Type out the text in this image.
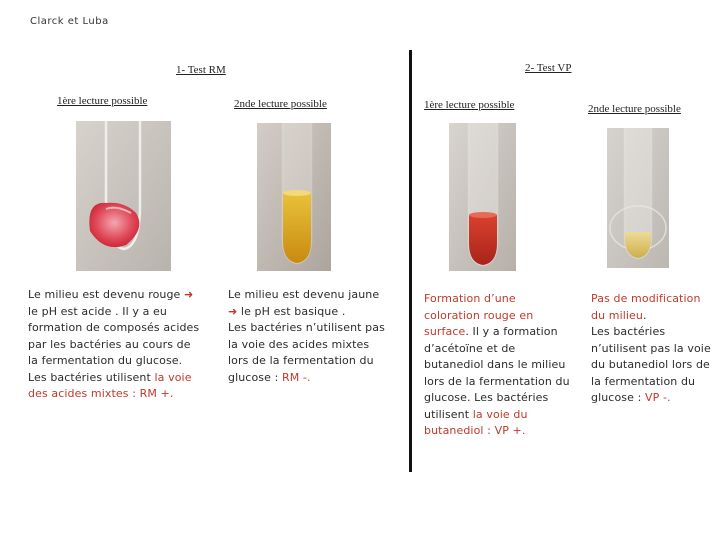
Clarck et Luba
1- Test RM	2- Test VP
1ère lecture possible	2nde lecture possible	1ère lecture possible	2nde lecture possible
Le milieu est devenu rouge ➜ le pH est acide . Il y a eu formation de composés acides par les bactéries au cours de la fermentation du glucose.
Les bactéries utilisent la voie des acides mixtes : RM +.
Le milieu est devenu jaune ➜ le pH est basique .
Les bactéries n’utilisent pas la voie des acides mixtes lors de la fermentation du glucose : RM -.
Formation d’une coloration rouge en surface. Il y a formation d’acétoïne et de butanediol dans le milieu lors de la fermentation du glucose. Les bactéries utilisent la voie du butanediol : VP +.
Pas de modification du milieu.
Les bactéries n’utilisent pas la voie du butanediol lors de la fermentation du glucose : VP -.
